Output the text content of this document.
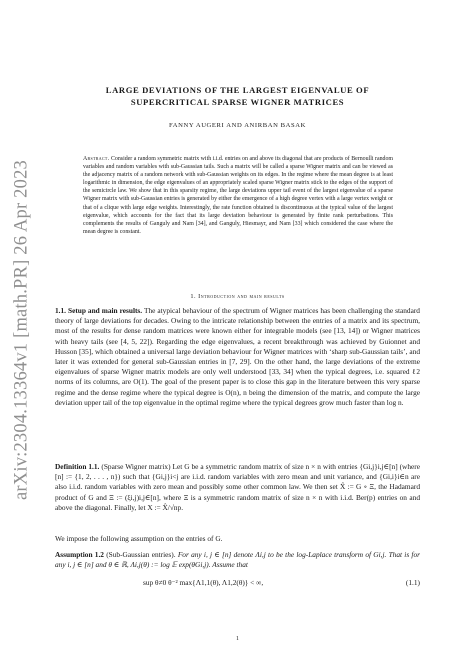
arXiv:2304.13364v1 [math.PR] 26 Apr 2023
LARGE DEVIATIONS OF THE LARGEST EIGENVALUE OF
SUPERCRITICAL SPARSE WIGNER MATRICES
FANNY AUGERI AND ANIRBAN BASAK

Abstract. Consider a random symmetric matrix with i.i.d. entries on and above its diagonal that are products of Bernoulli random variables and random variables with sub-Gaussian tails. Such a matrix will be called a sparse Wigner matrix and can be viewed as the adjacency matrix of a random network with sub-Gaussian weights on its edges. In the regime where the mean degree is at least logarithmic in dimension, the edge eigenvalues of an appropriately scaled sparse Wigner matrix stick to the edges of the support of the semicircle law. We show that in this sparsity regime, the large deviations upper tail event of the largest eigenvalue of a sparse Wigner matrix with sub-Gaussian entries is generated by either the emergence of a high degree vertex with a large vertex weight or that of a clique with large edge weights. Interestingly, the rate function obtained is discontinuous at the typical value of the largest eigenvalue, which accounts for the fact that its large deviation behaviour is generated by finite rank perturbations. This complements the results of Ganguly and Nam [34], and Ganguly, Hiesmayr, and Nam [33] which considered the case where the mean degree is constant.

1. Introduction and main results

1.1. Setup and main results. The atypical behaviour of the spectrum of Wigner matrices has been challenging the standard theory of large deviations for decades. Owing to the intricate relationship between the entries of a matrix and its spectrum, most of the results for dense random matrices were known either for integrable models (see [13, 14]) or Wigner matrices with heavy tails (see [4, 5, 22]). Regarding the edge eigenvalues, a recent breakthrough was achieved by Guionnet and Husson [35], which obtained a universal large deviation behaviour for Wigner matrices with ‘sharp sub-Gaussian tails’, and later it was extended for general sub-Gaussian entries in [7, 29]. On the other hand, the large deviations of the extreme eigenvalues of sparse Wigner matrix models are only well understood [33, 34] when the typical degrees, i.e. squared ℓ2 norms of its columns, are O(1). The goal of the present paper is to close this gap in the literature between this very sparse regime and the dense regime where the typical degree is O(n), n being the dimension of the matrix, and compute the large deviation upper tail of the top eigenvalue in the optimal regime where the typical degrees grow much faster than log n.

Definition 1.1. (Sparse Wigner matrix) Let G be a symmetric random matrix of size n × n with entries {Gi,j}i,j∈[n] (where [n] := {1, 2, . . . , n}) such that {Gi,j}i<j are i.i.d. random variables with zero mean and unit variance, and {Gi,i}i∈n are also i.i.d. random variables with zero mean and possibly some other common law. We then set X̂ := G ∘ Ξ, the Hadamard product of G and Ξ := (ξi,j)i,j∈[n], where Ξ is a symmetric random matrix of size n × n with i.i.d. Ber(p) entries on and above the diagonal. Finally, let X := X̂/√np.

We impose the following assumption on the entries of G.

Assumption 1.2 (Sub-Gaussian entries). For any i, j ∈ [n] denote Λi,j to be the log-Laplace transform of Gi,j. That is for any i, j ∈ [n] and θ ∈ ℝ, Λi,j(θ) := log 𝔼 exp(θGi,j). Assume that

sup θ≠0 θ⁻² max{Λ1,1(θ), Λ1,2(θ)} < ∞,	(1.1)
1
